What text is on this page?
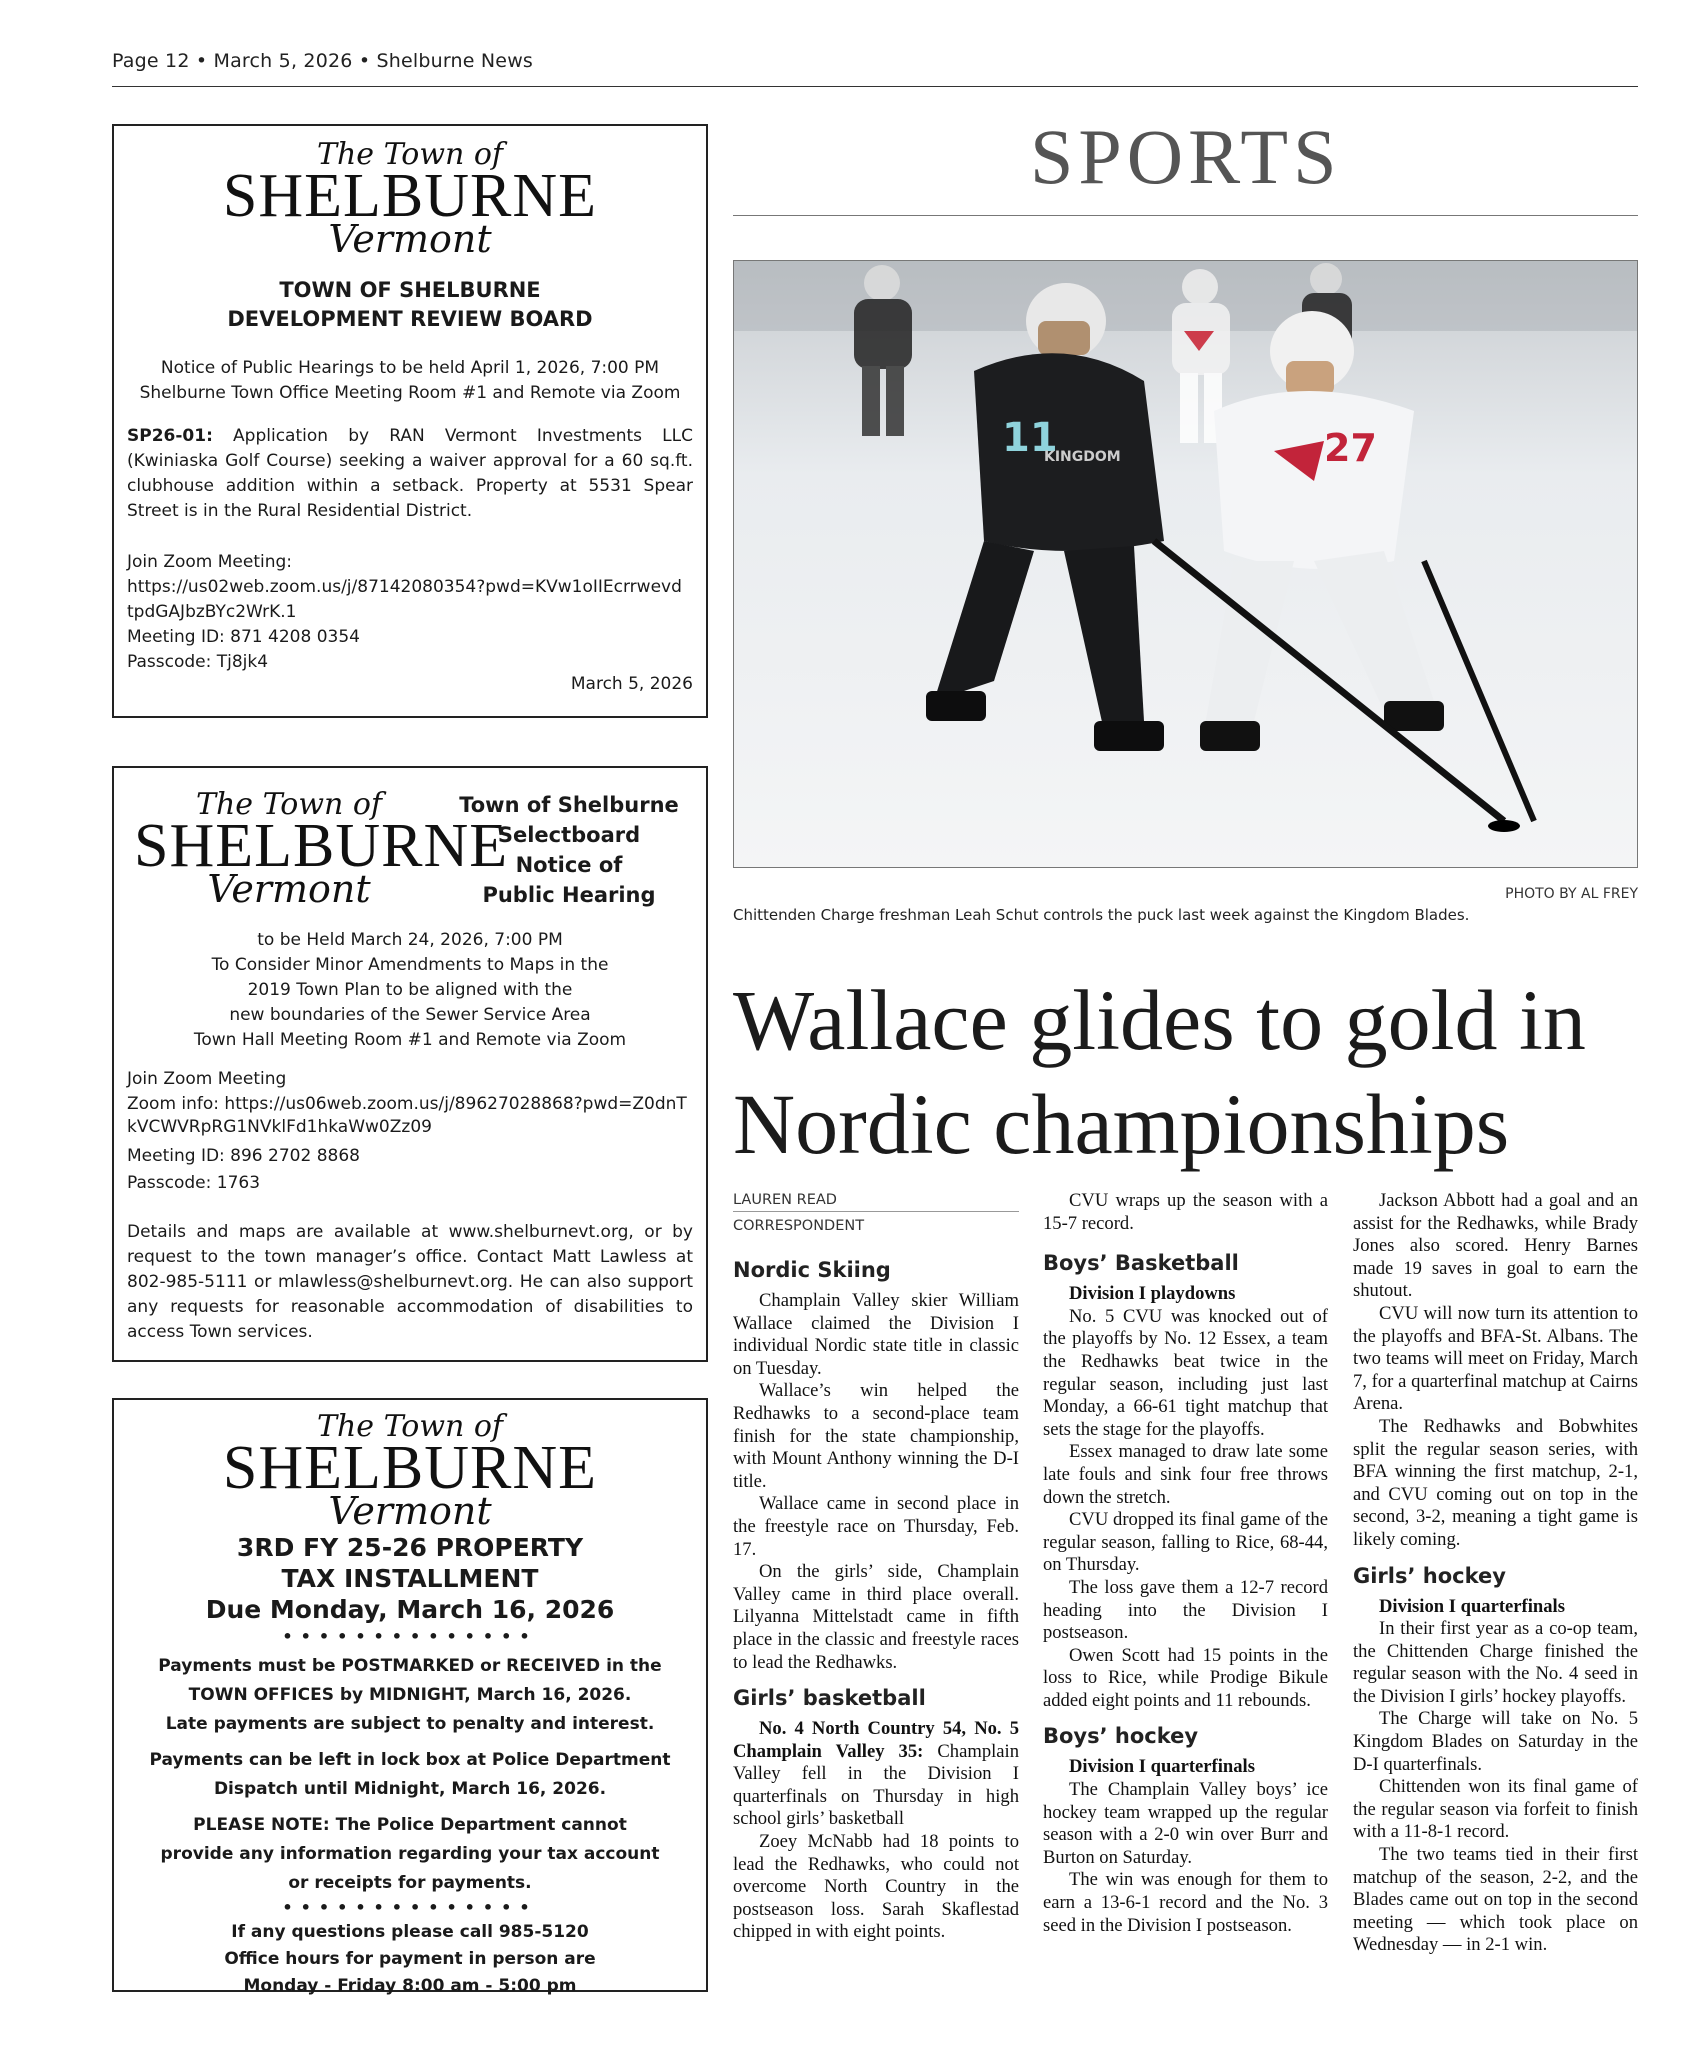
Page 12 • March 5, 2026 • Shelburne News
The Town of
SHELBURNE
Vermont
TOWN OF SHELBURNE
DEVELOPMENT REVIEW BOARD
Notice of Public Hearings to be held April 1, 2026, 7:00 PM
Shelburne Town Office Meeting Room #1 and Remote via Zoom
SP26-01: Application by RAN Vermont Investments LLC (Kwiniaska Golf Course) seeking a waiver approval for a 60 sq.ft. clubhouse addition within a setback. Property at 5531 Spear Street is in the Rural Residential District.
Join Zoom Meeting:
https://us02web.zoom.us/j/87142080354?pwd=KVw1oIIEcrrwevd
tpdGAJbzBYc2WrK.1
Meeting ID: 871 4208 0354
Passcode: Tj8jk4
March 5, 2026
The Town of
SHELBURNE
Vermont
Town of Shelburne
Selectboard
Notice of
Public Hearing
to be Held March 24, 2026, 7:00 PM
To Consider Minor Amendments to Maps in the
2019 Town Plan to be aligned with the
new boundaries of the Sewer Service Area
Town Hall Meeting Room #1 and Remote via Zoom
Join Zoom Meeting
Zoom info: https://us06web.zoom.us/j/89627028868?pwd=Z0dnT
kVCWVRpRG1NVklFd1hkaWw0Zz09
Meeting ID: 896 2702 8868
Passcode: 1763
Details and maps are available at www.shelburnevt.org, or by request to the town manager’s office. Contact Matt Lawless at 802-985-5111 or mlawless@shelburnevt.org. He can also support any requests for reasonable accommodation of disabilities to access Town services.
The Town of
SHELBURNE
Vermont
3RD FY 25-26 PROPERTY
TAX INSTALLMENT
Due Monday, March 16, 2026
••••••••••••••
Payments must be POSTMARKED or RECEIVED in the
TOWN OFFICES by MIDNIGHT, March 16, 2026.
Late payments are subject to penalty and interest.
Payments can be left in lock box at Police Department
Dispatch until Midnight, March 16, 2026.
PLEASE NOTE: The Police Department cannot
provide any information regarding your tax account
or receipts for payments.
••••••••••••••
If any questions please call 985-5120
Office hours for payment in person are
Monday - Friday 8:00 am - 5:00 pm
SPORTS
11
KINGDOM	27
PHOTO BY AL FREY
Chittenden Charge freshman Leah Schut controls the puck last week against the Kingdom Blades.
Wallace glides to gold in Nordic championships
LAUREN READ
CORRESPONDENT
Nordic Skiing

Champlain Valley skier William Wallace claimed the Division I individual Nordic state title in classic on Tuesday.

Wallace’s win helped the Redhawks to a second-place team finish for the state championship, with Mount Anthony winning the D-I title.

Wallace came in second place in the freestyle race on Thursday, Feb. 17.

On the girls’ side, Champlain Valley came in third place overall. Lilyanna Mittelstadt came in fifth place in the classic and freestyle races to lead the Redhawks.

Girls’ basketball

No. 4 North Country 54, No. 5 Champlain Valley 35: Champlain Valley fell in the Division I quarterfinals on Thursday in high school girls’ basketball

Zoey McNabb had 18 points to lead the Redhawks, who could not overcome North Country in the postseason loss. Sarah Skaflestad chipped in with eight points.

CVU wraps up the season with a 15-7 record.

Boys’ Basketball
Division I playdowns

No. 5 CVU was knocked out of the playoffs by No. 12 Essex, a team the Redhawks beat twice in the regular season, including just last Monday, a 66-61 tight matchup that sets the stage for the playoffs.

Essex managed to draw late some late fouls and sink four free throws down the stretch.

CVU dropped its final game of the regular season, falling to Rice, 68-44, on Thursday.

The loss gave them a 12-7 record heading into the Division I postseason.

Owen Scott had 15 points in the loss to Rice, while Prodige Bikule added eight points and 11 rebounds.

Boys’ hockey
Division I quarterfinals

The Champlain Valley boys’ ice hockey team wrapped up the regular season with a 2-0 win over Burr and Burton on Saturday.

The win was enough for them to earn a 13-6-1 record and the No. 3 seed in the Division I postseason.

Jackson Abbott had a goal and an assist for the Redhawks, while Brady Jones also scored. Henry Barnes made 19 saves in goal to earn the shutout.

CVU will now turn its attention to the playoffs and BFA-St. Albans. The two teams will meet on Friday, March 7, for a quarterfinal matchup at Cairns Arena.

The Redhawks and Bobwhites split the regular season series, with BFA winning the first matchup, 2-1, and CVU coming out on top in the second, 3-2, meaning a tight game is likely coming.

Girls’ hockey
Division I quarterfinals

In their first year as a co-op team, the Chittenden Charge finished the regular season with the No. 4 seed in the Division I girls’ hockey playoffs.

The Charge will take on No. 5 Kingdom Blades on Saturday in the D-I quarterfinals.

Chittenden won its final game of the regular season via forfeit to finish with a 11-8-1 record.

The two teams tied in their first matchup of the season, 2-2, and the Blades came out on top in the second meeting — which took place on Wednesday — in 2-1 win.
